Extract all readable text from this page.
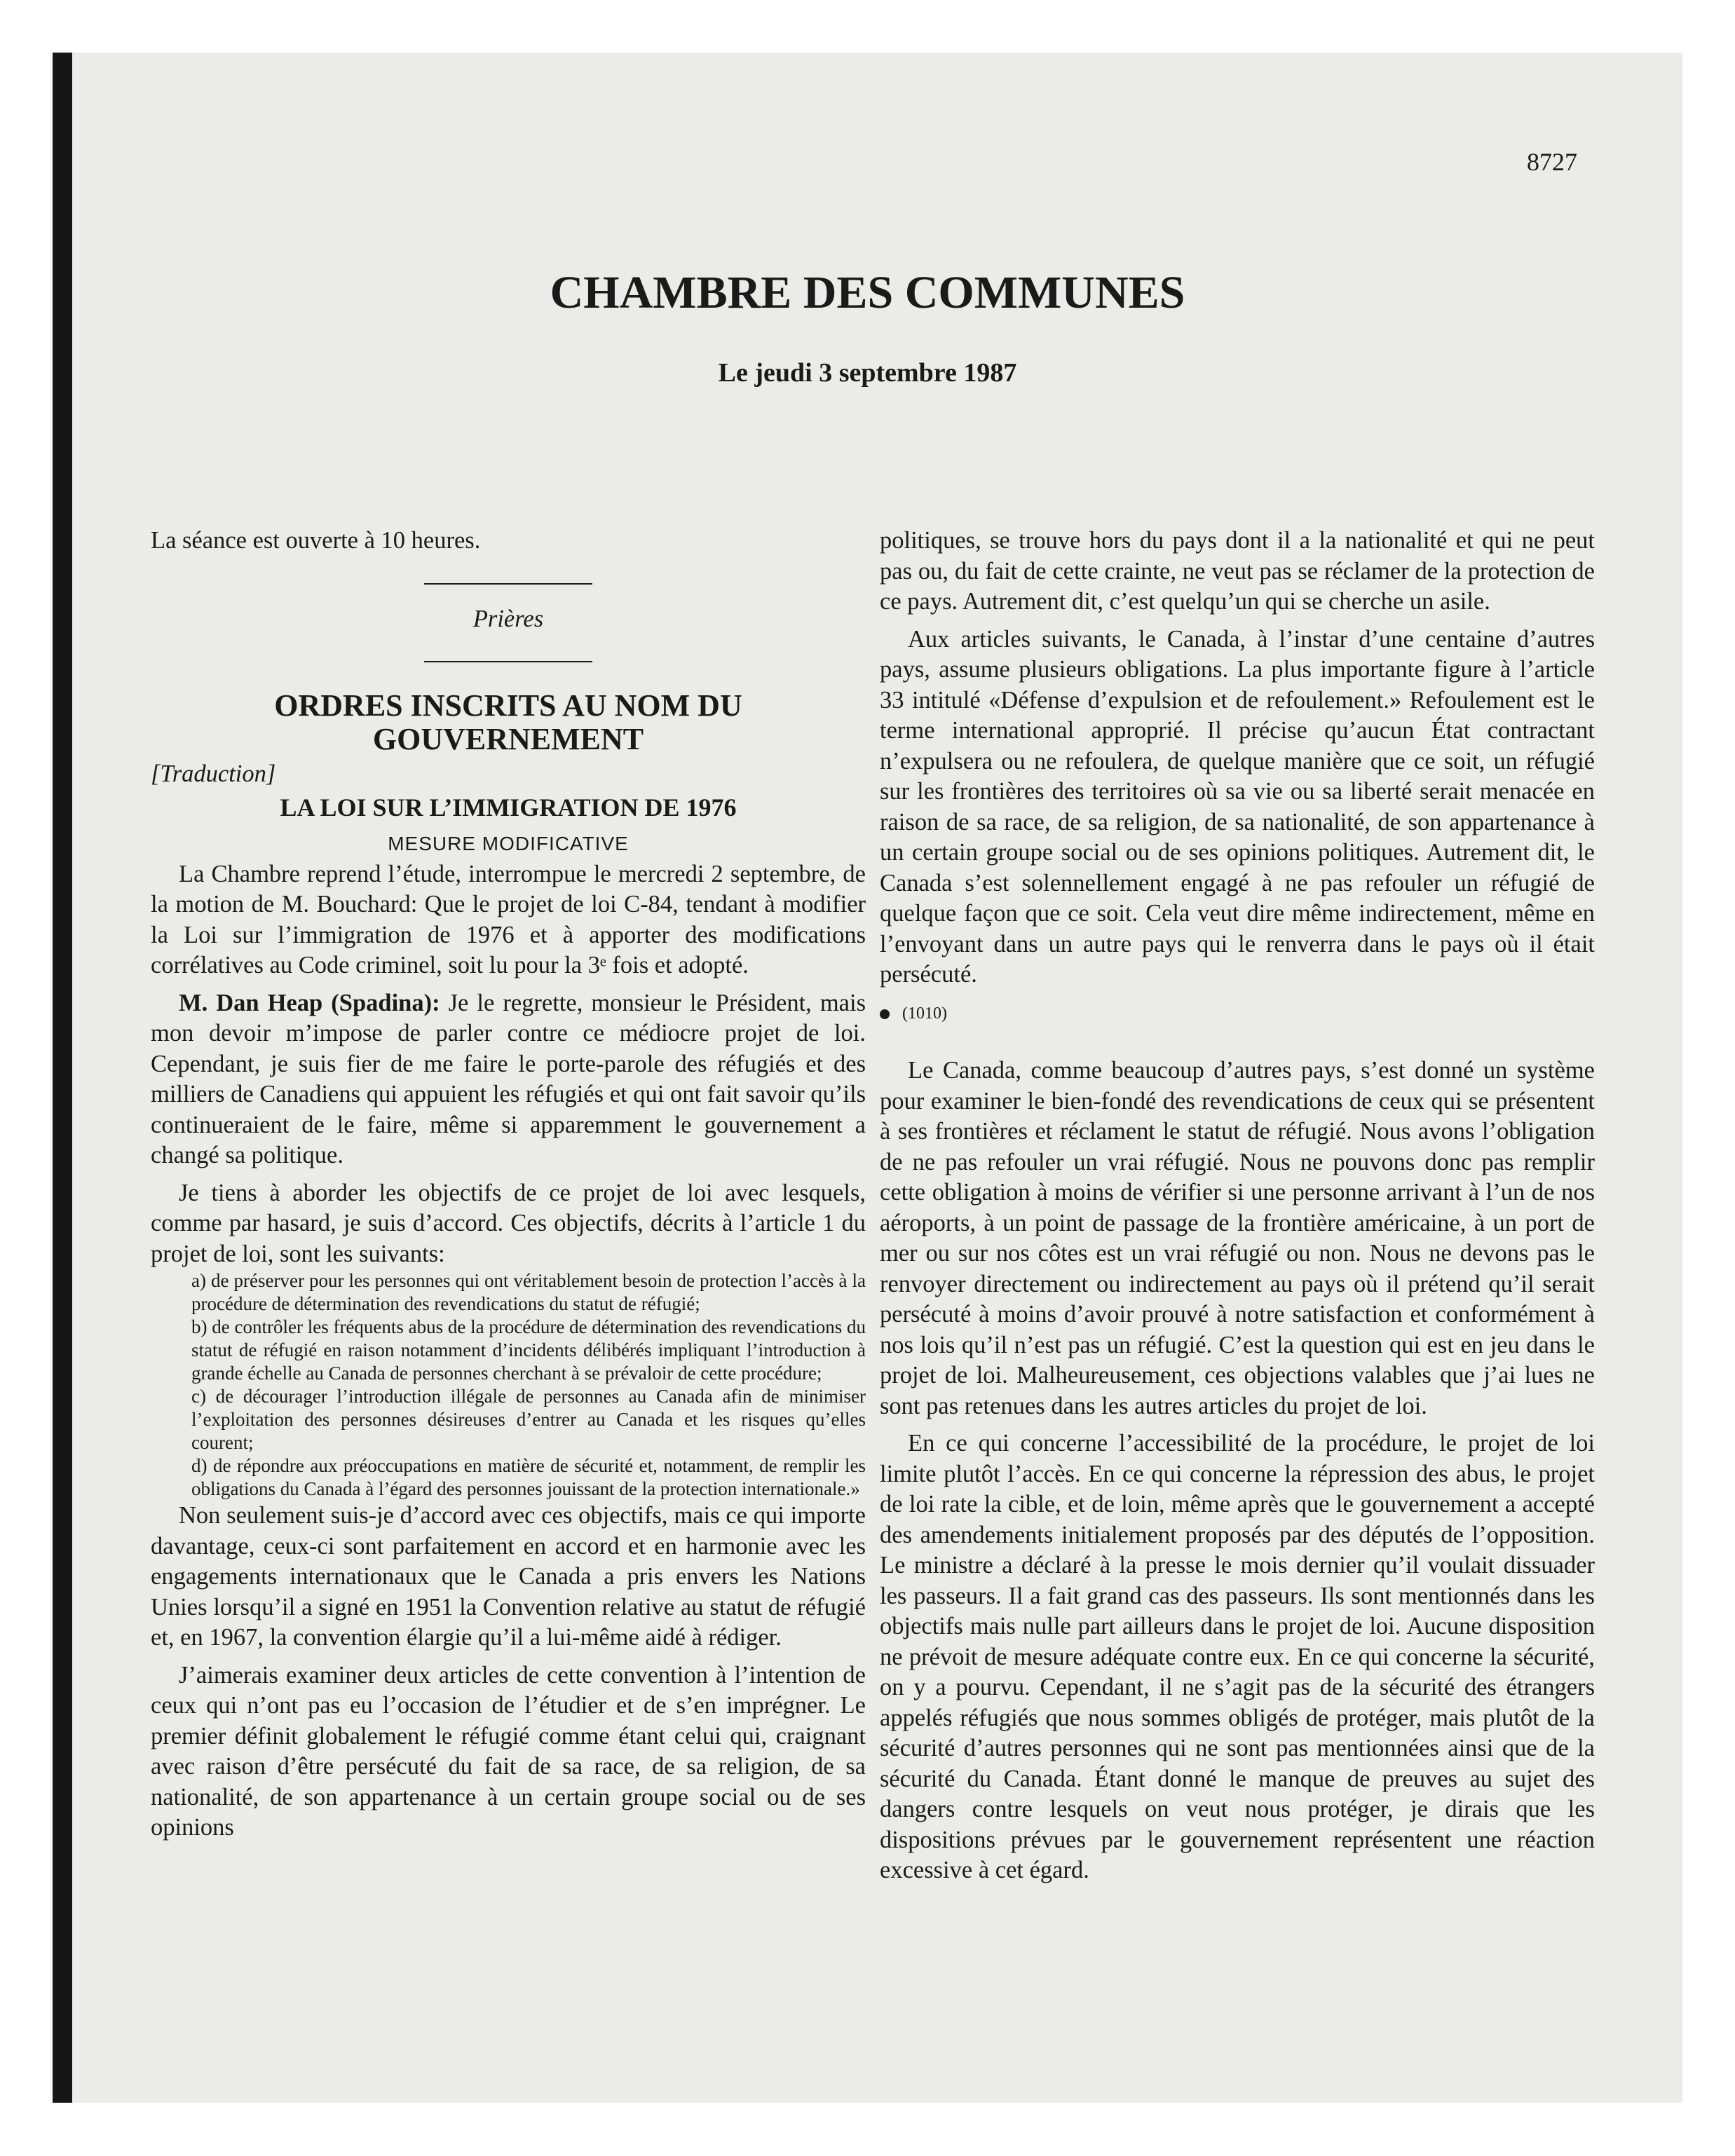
8727
CHAMBRE DES COMMUNES
Le jeudi 3 septembre 1987

La séance est ouverte à 10 heures.

Prières
ORDRES INSCRITS AU NOM DU GOUVERNEMENT
[Traduction]
LA LOI SUR L’IMMIGRATION DE 1976
MESURE MODIFICATIVE

La Chambre reprend l’étude, interrompue le mercredi 2 septembre, de la motion de M. Bouchard: Que le projet de loi C-84, tendant à modifier la Loi sur l’immigration de 1976 et à apporter des modifications corrélatives au Code criminel, soit lu pour la 3ᵉ fois et adopté.

M. Dan Heap (Spadina): Je le regrette, monsieur le Président, mais mon devoir m’impose de parler contre ce médiocre projet de loi. Cependant, je suis fier de me faire le porte-parole des réfugiés et des milliers de Canadiens qui appuient les réfugiés et qui ont fait savoir qu’ils continueraient de le faire, même si apparemment le gouvernement a changé sa politique.

Je tiens à aborder les objectifs de ce projet de loi avec lesquels, comme par hasard, je suis d’accord. Ces objectifs, décrits à l’article 1 du projet de loi, sont les suivants:

a) de préserver pour les personnes qui ont véritablement besoin de protection l’accès à la procédure de détermination des revendications du statut de réfugié;

b) de contrôler les fréquents abus de la procédure de détermination des revendications du statut de réfugié en raison notamment d’incidents délibérés impliquant l’introduction à grande échelle au Canada de personnes cherchant à se prévaloir de cette procédure;

c) de décourager l’introduction illégale de personnes au Canada afin de minimiser l’exploitation des personnes désireuses d’entrer au Canada et les risques qu’elles courent;

d) de répondre aux préoccupations en matière de sécurité et, notamment, de remplir les obligations du Canada à l’égard des personnes jouissant de la protection internationale.»

Non seulement suis-je d’accord avec ces objectifs, mais ce qui importe davantage, ceux-ci sont parfaitement en accord et en harmonie avec les engagements internationaux que le Canada a pris envers les Nations Unies lorsqu’il a signé en 1951 la Convention relative au statut de réfugié et, en 1967, la convention élargie qu’il a lui-même aidé à rédiger.

J’aimerais examiner deux articles de cette convention à l’intention de ceux qui n’ont pas eu l’occasion de l’étudier et de s’en imprégner. Le premier définit globalement le réfugié comme étant celui qui, craignant avec raison d’être persécuté du fait de sa race, de sa religion, de sa nationalité, de son appartenance à un certain groupe social ou de ses opinions

politiques, se trouve hors du pays dont il a la nationalité et qui ne peut pas ou, du fait de cette crainte, ne veut pas se réclamer de la protection de ce pays. Autrement dit, c’est quelqu’un qui se cherche un asile.

Aux articles suivants, le Canada, à l’instar d’une centaine d’autres pays, assume plusieurs obligations. La plus importante figure à l’article 33 intitulé «Défense d’expulsion et de refoulement.» Refoulement est le terme international approprié. Il précise qu’aucun État contractant n’expulsera ou ne refoulera, de quelque manière que ce soit, un réfugié sur les frontières des territoires où sa vie ou sa liberté serait menacée en raison de sa race, de sa religion, de sa nationalité, de son appartenance à un certain groupe social ou de ses opinions politiques. Autrement dit, le Canada s’est solennellement engagé à ne pas refouler un réfugié de quelque façon que ce soit. Cela veut dire même indirectement, même en l’envoyant dans un autre pays qui le renverra dans le pays où il était persécuté.

(1010)

Le Canada, comme beaucoup d’autres pays, s’est donné un système pour examiner le bien-fondé des revendications de ceux qui se présentent à ses frontières et réclament le statut de réfugié. Nous avons l’obligation de ne pas refouler un vrai réfugié. Nous ne pouvons donc pas remplir cette obligation à moins de vérifier si une personne arrivant à l’un de nos aéroports, à un point de passage de la frontière américaine, à un port de mer ou sur nos côtes est un vrai réfugié ou non. Nous ne devons pas le renvoyer directement ou indirectement au pays où il prétend qu’il serait persécuté à moins d’avoir prouvé à notre satisfaction et conformément à nos lois qu’il n’est pas un réfugié. C’est la question qui est en jeu dans le projet de loi. Malheureusement, ces objections valables que j’ai lues ne sont pas retenues dans les autres articles du projet de loi.

En ce qui concerne l’accessibilité de la procédure, le projet de loi limite plutôt l’accès. En ce qui concerne la répression des abus, le projet de loi rate la cible, et de loin, même après que le gouvernement a accepté des amendements initialement proposés par des députés de l’opposition. Le ministre a déclaré à la presse le mois dernier qu’il voulait dissuader les passeurs. Il a fait grand cas des passeurs. Ils sont mentionnés dans les objectifs mais nulle part ailleurs dans le projet de loi. Aucune disposition ne prévoit de mesure adéquate contre eux. En ce qui concerne la sécurité, on y a pourvu. Cependant, il ne s’agit pas de la sécurité des étrangers appelés réfugiés que nous sommes obligés de protéger, mais plutôt de la sécurité d’autres personnes qui ne sont pas mentionnées ainsi que de la sécurité du Canada. Étant donné le manque de preuves au sujet des dangers contre lesquels on veut nous protéger, je dirais que les dispositions prévues par le gouvernement représentent une réaction excessive à cet égard.
